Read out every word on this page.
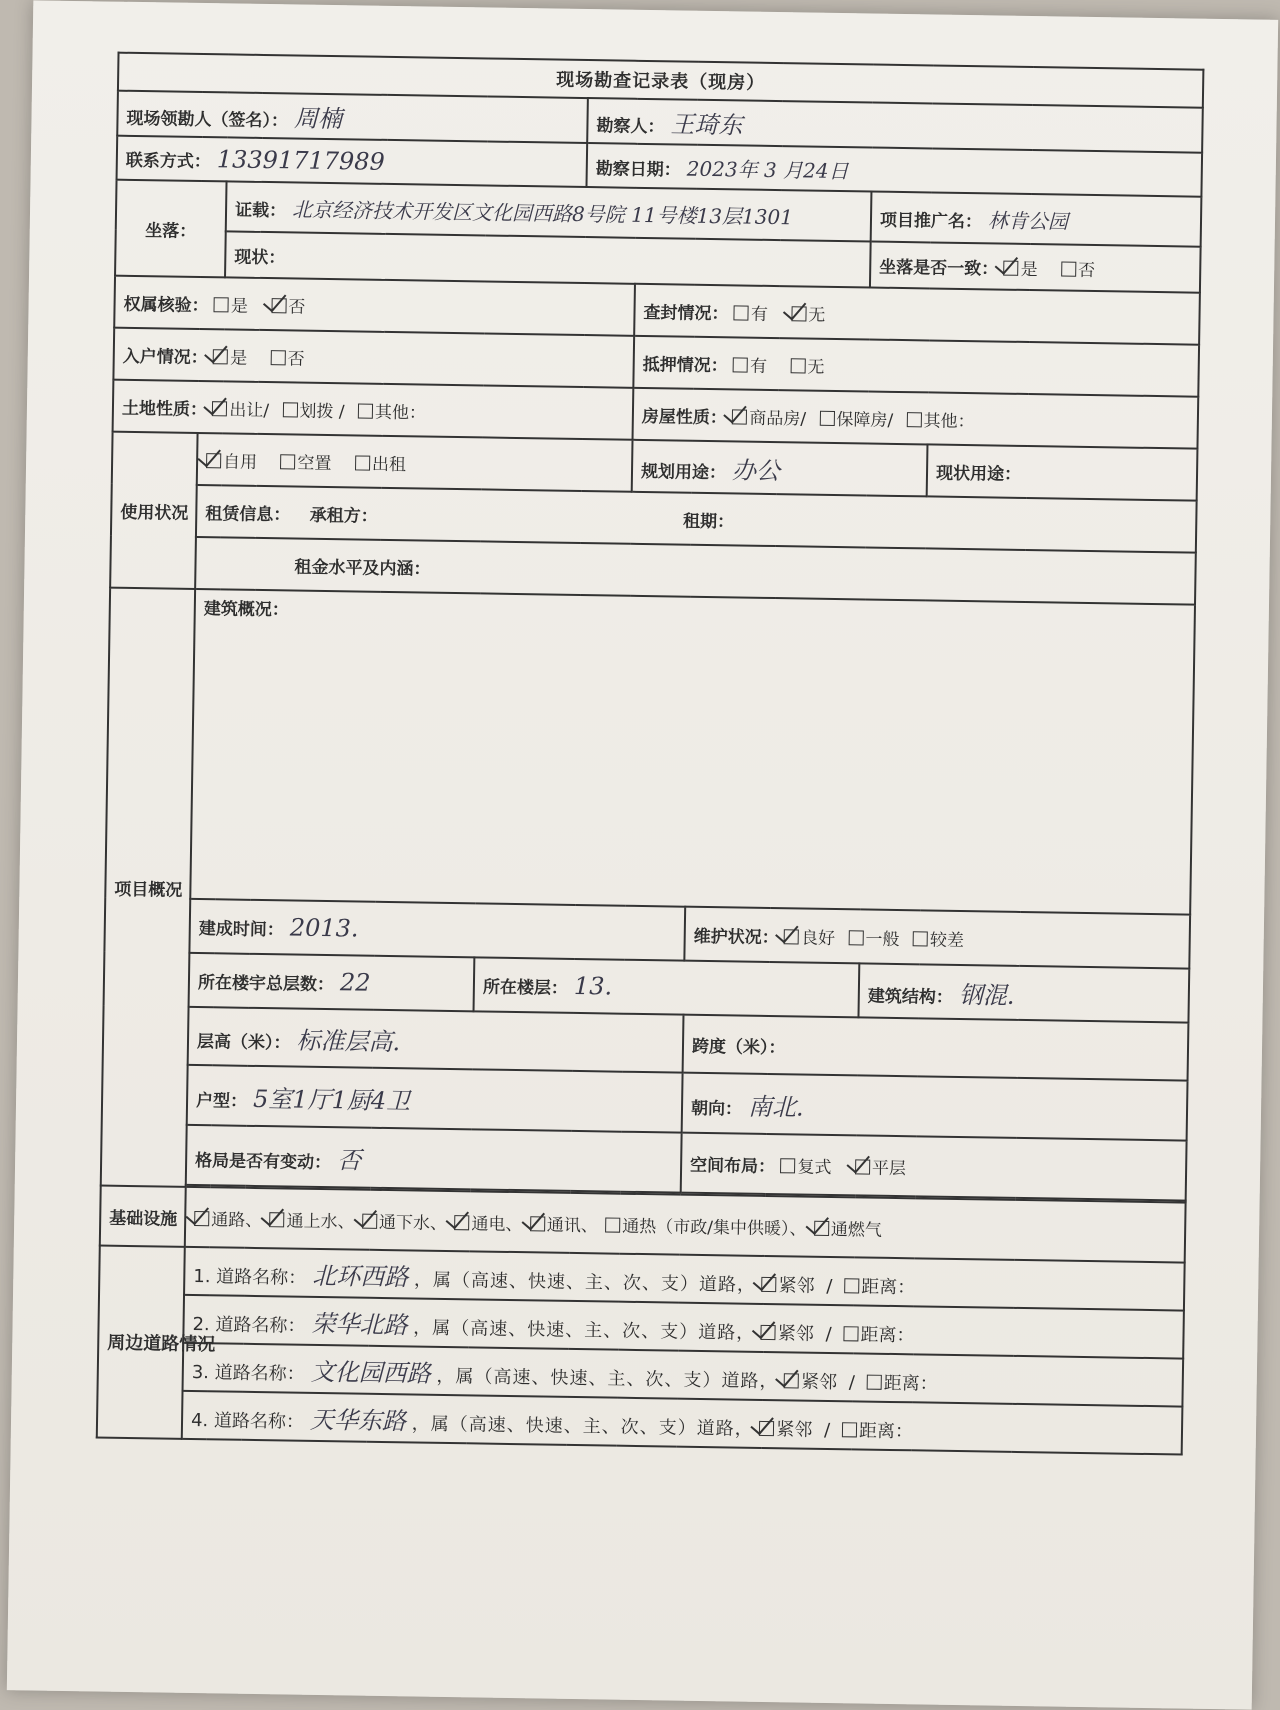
现场勘查记录表（现房）								
现场领勘人（签名）： 周楠				勘察人： 王琦东				
联系方式： 13391717989				勘察日期： 2023年 3 月24日				
坐落：		证载： 北京经济技术开发区文化园西路8号院 11号楼13层1301					项目推广名： 林肯公园	
		现状：					坐落是否一致： 是 否	
权属核验： 是 否					查封情况： 有 无			
入户情况： 是 否					抵押情况： 有 无			
土地性质： 出让/ 划拨 / 其他：					房屋性质： 商品房/ 保障房/ 其他：			
使用状况	自用 空置 出租				规划用途： 办公			现状用途：
	租赁信息： 承租方： 租期：							
	租金水平及内涵：							
项目概况	建筑概况：							
	建成时间： 2013.					维护状况： 良好 一般 较差		
	所在楼宇总层数： 22		所在楼层： 13.				建筑结构： 钢混.	
	层高（米）： 标准层高.					跨度（米）：		
	户型： 5室1厅1厨4卫					朝向： 南北.		
	格局是否有变动： 否					空间布局： 复式 平层		

基础设施	通路、 通上水、 通下水、 通电、 通讯、 通热（市政/集中供暖）、 通燃气							
周边道路情况	1. 道路名称： 北环西路 ，属（高速、快速、主、次、支）道路， 紧邻 / 距离：							
	2. 道路名称： 荣华北路 ，属（高速、快速、主、次、支）道路， 紧邻 / 距离：							
	3. 道路名称： 文化园西路 ，属（高速、快速、主、次、支）道路， 紧邻 / 距离：							
	4. 道路名称： 天华东路 ，属（高速、快速、主、次、支）道路， 紧邻 / 距离：							
